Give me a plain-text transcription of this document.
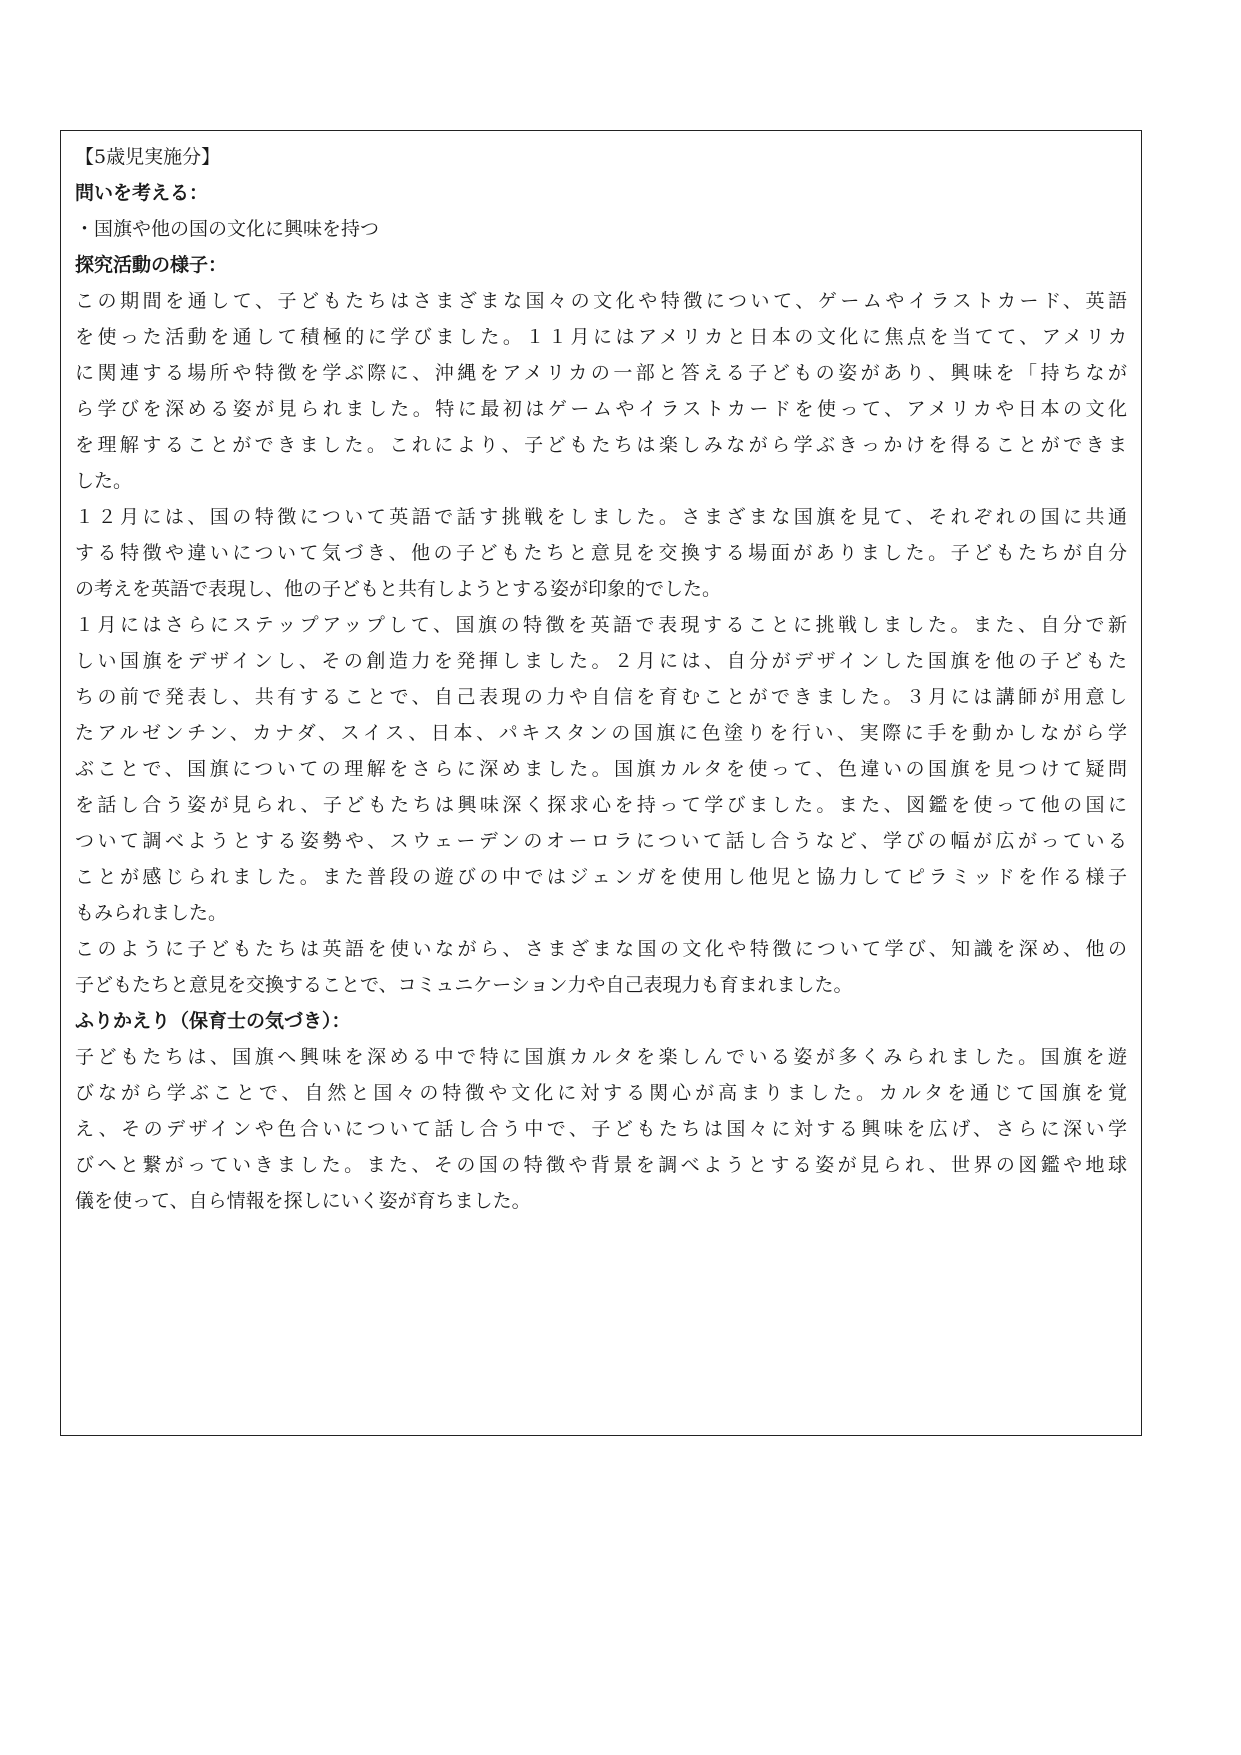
【5歳児実施分】
問いを考える：
・国旗や他の国の文化に興味を持つ
探究活動の様子：
この期間を通して、子どもたちはさまざまな国々の文化や特徴について、ゲームやイラストカード、英語
を使った活動を通して積極的に学びました。１１月にはアメリカと日本の文化に焦点を当てて、アメリカ
に関連する場所や特徴を学ぶ際に、沖縄をアメリカの一部と答える子どもの姿があり、興味を「持ちなが
ら学びを深める姿が見られました。特に最初はゲームやイラストカードを使って、アメリカや日本の文化
を理解することができました。これにより、子どもたちは楽しみながら学ぶきっかけを得ることができま
した。
１２月には、国の特徴について英語で話す挑戦をしました。さまざまな国旗を見て、それぞれの国に共通
する特徴や違いについて気づき、他の子どもたちと意見を交換する場面がありました。子どもたちが自分
の考えを英語で表現し、他の子どもと共有しようとする姿が印象的でした。
１月にはさらにステップアップして、国旗の特徴を英語で表現することに挑戦しました。また、自分で新
しい国旗をデザインし、その創造力を発揮しました。２月には、自分がデザインした国旗を他の子どもた
ちの前で発表し、共有することで、自己表現の力や自信を育むことができました。３月には講師が用意し
たアルゼンチン、カナダ、スイス、日本、パキスタンの国旗に色塗りを行い、実際に手を動かしながら学
ぶことで、国旗についての理解をさらに深めました。国旗カルタを使って、色違いの国旗を見つけて疑問
を話し合う姿が見られ、子どもたちは興味深く探求心を持って学びました。また、図鑑を使って他の国に
ついて調べようとする姿勢や、スウェーデンのオーロラについて話し合うなど、学びの幅が広がっている
ことが感じられました。また普段の遊びの中ではジェンガを使用し他児と協力してピラミッドを作る様子
もみられました。
このように子どもたちは英語を使いながら、さまざまな国の文化や特徴について学び、知識を深め、他の
子どもたちと意見を交換することで、コミュニケーション力や自己表現力も育まれました。
ふりかえり（保育士の気づき）：
子どもたちは、国旗へ興味を深める中で特に国旗カルタを楽しんでいる姿が多くみられました。国旗を遊
びながら学ぶことで、自然と国々の特徴や文化に対する関心が高まりました。カルタを通じて国旗を覚
え、そのデザインや色合いについて話し合う中で、子どもたちは国々に対する興味を広げ、さらに深い学
びへと繋がっていきました。また、その国の特徴や背景を調べようとする姿が見られ、世界の図鑑や地球
儀を使って、自ら情報を探しにいく姿が育ちました。
